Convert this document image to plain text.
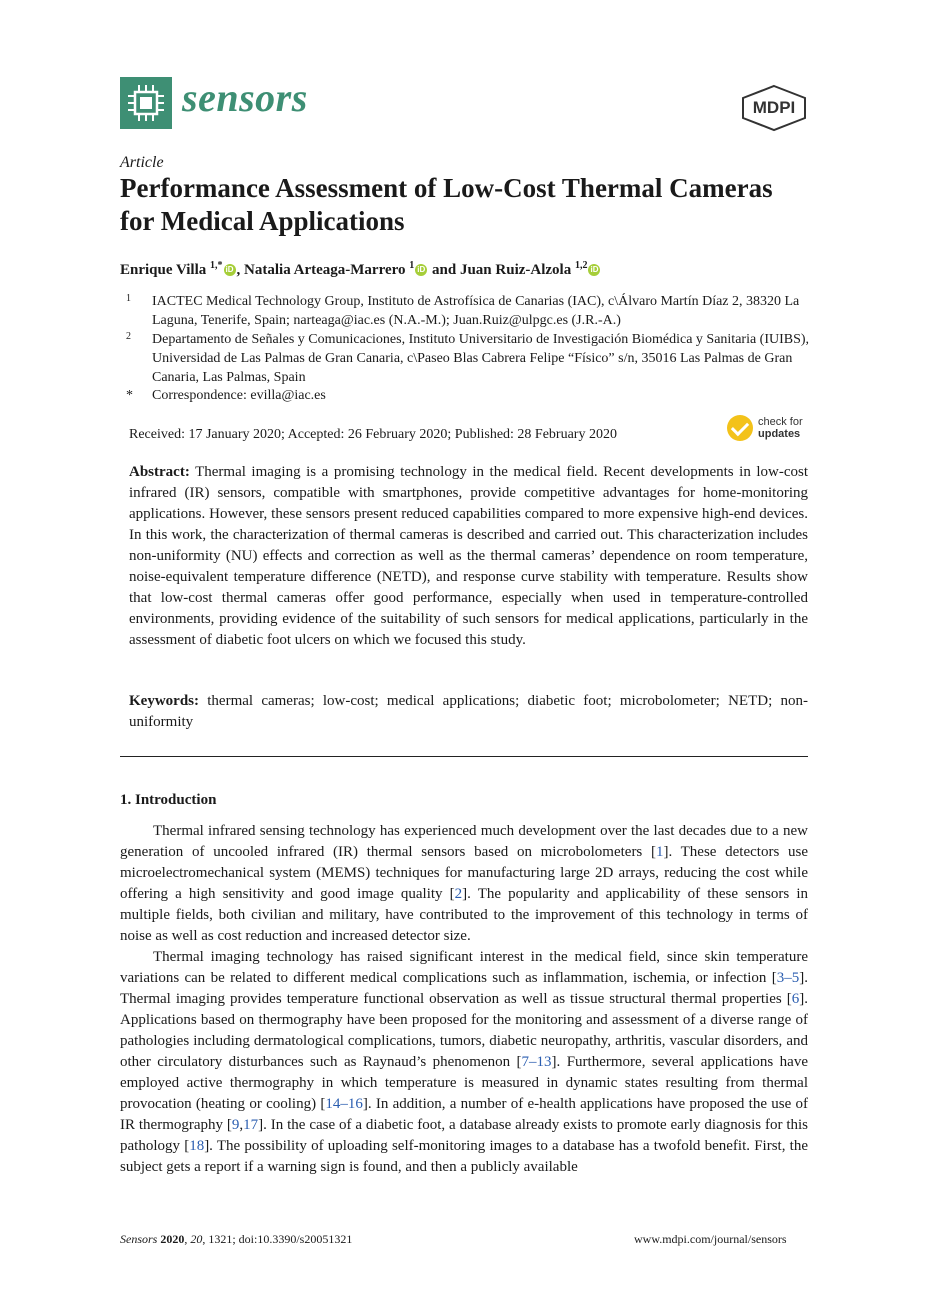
sensors	MDPI
Article
Performance Assessment of Low-Cost Thermal Cameras for Medical Applications
Enrique Villa $^{1,*}$ iD , Natalia Arteaga-Marrero $^1$ iD and Juan Ruiz-Alzola $^{1,2}$ iD
1 IACTEC Medical Technology Group, Instituto de Astrofísica de Canarias (IAC), c\Álvaro Martín Díaz 2, 38320 La Laguna, Tenerife, Spain; narteaga@iac.es (N.A.-M.); Juan.Ruiz@ulpgc.es (J.R.-A.)
2 Departamento de Señales y Comunicaciones, Instituto Universitario de Investigación Biomédica y Sanitaria (IUIBS), Universidad de Las Palmas de Gran Canaria, c\Paseo Blas Cabrera Felipe “Físico” s/n, 35016 Las Palmas de Gran Canaria, Las Palmas, Spain
* Correspondence: evilla@iac.es
Received: 17 January 2020; Accepted: 26 February 2020; Published: 28 February 2020
check for
updates
Abstract: Thermal imaging is a promising technology in the medical field. Recent developments in low-cost infrared (IR) sensors, compatible with smartphones, provide competitive advantages for home-monitoring applications. However, these sensors present reduced capabilities compared to more expensive high-end devices. In this work, the characterization of thermal cameras is described and carried out. This characterization includes non-uniformity (NU) effects and correction as well as the thermal cameras’ dependence on room temperature, noise-equivalent temperature difference (NETD), and response curve stability with temperature. Results show that low-cost thermal cameras offer good performance, especially when used in temperature-controlled environments, providing evidence of the suitability of such sensors for medical applications, particularly in the assessment of diabetic foot ulcers on which we focused this study.
Keywords: thermal cameras; low-cost; medical applications; diabetic foot; microbolometer; NETD; non-uniformity
1. Introduction

Thermal infrared sensing technology has experienced much development over the last decades due to a new generation of uncooled infrared (IR) thermal sensors based on microbolometers [1]. These detectors use microelectromechanical system (MEMS) techniques for manufacturing large 2D arrays, reducing the cost while offering a high sensitivity and good image quality [2]. The popularity and applicability of these sensors in multiple fields, both civilian and military, have contributed to the improvement of this technology in terms of noise as well as cost reduction and increased detector size.

Thermal imaging technology has raised significant interest in the medical field, since skin temperature variations can be related to different medical complications such as inflammation, ischemia, or infection [3–5]. Thermal imaging provides temperature functional observation as well as tissue structural thermal properties [6]. Applications based on thermography have been proposed for the monitoring and assessment of a diverse range of pathologies including dermatological complications, tumors, diabetic neuropathy, arthritis, vascular disorders, and other circulatory disturbances such as Raynaud’s phenomenon [7–13]. Furthermore, several applications have employed active thermography in which temperature is measured in dynamic states resulting from thermal provocation (heating or cooling) [14–16]. In addition, a number of e-health applications have proposed the use of IR thermography [9,17]. In the case of a diabetic foot, a database already exists to promote early diagnosis for this pathology [18]. The possibility of uploading self-monitoring images to a database has a twofold benefit. First, the subject gets a report if a warning sign is found, and then a publicly available

Sensors 2020, 20, 1321; doi:10.3390/s20051321	www.mdpi.com/journal/sensors
